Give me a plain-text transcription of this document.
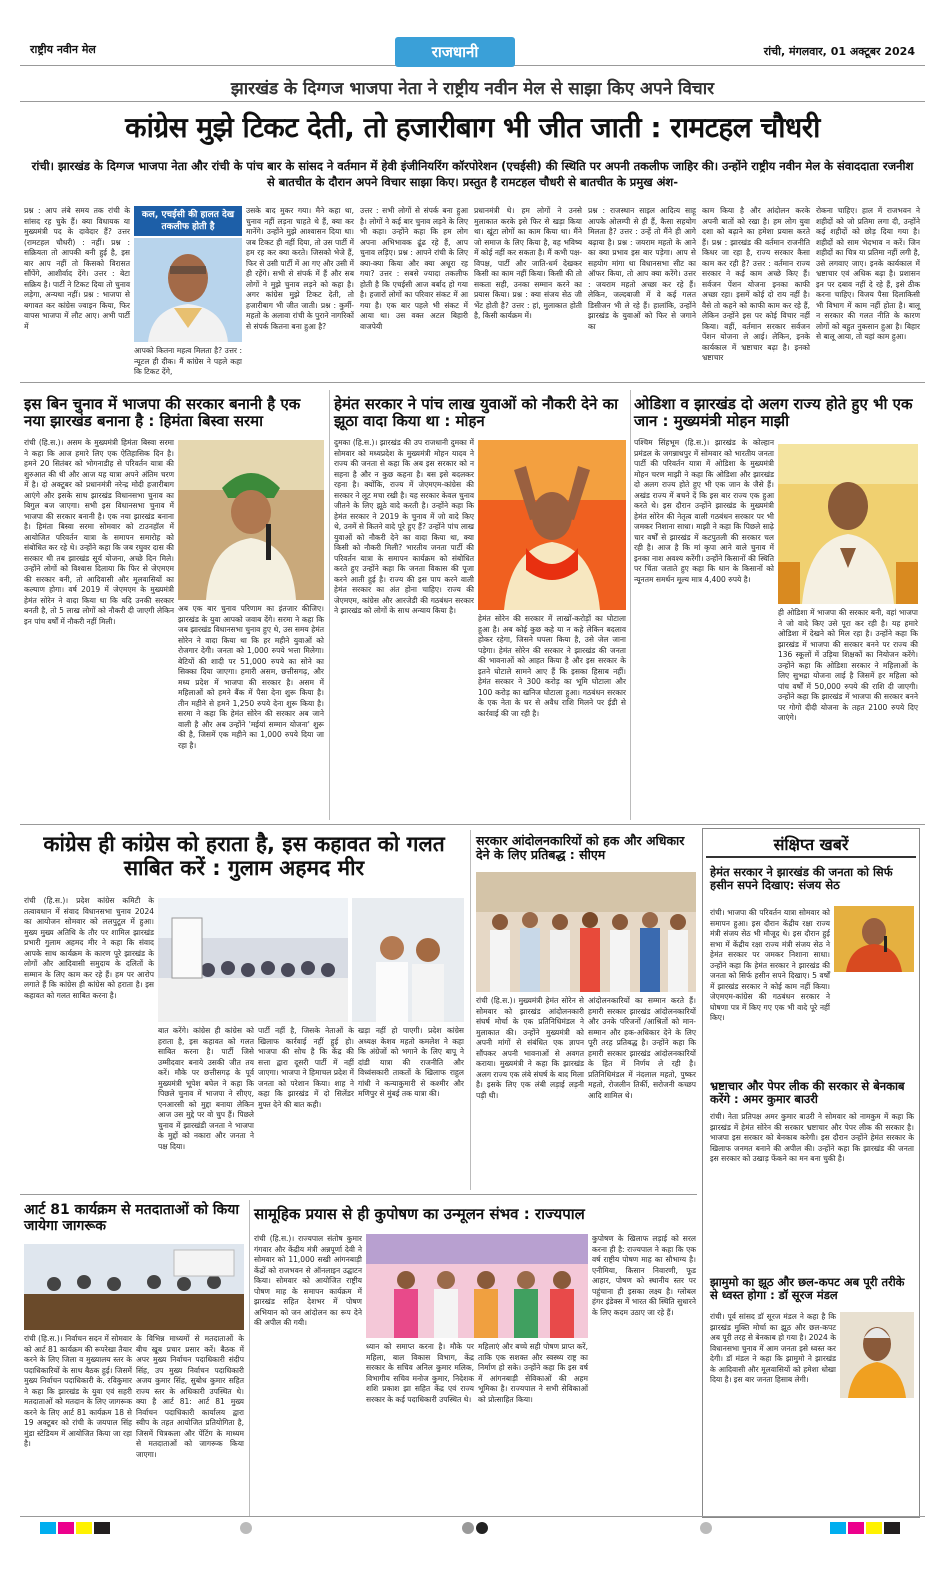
राष्ट्रीय नवीन मेल	राजधानी	रांची, मंगलवार, 01 अक्टूबर 2024
झारखंड के दिग्गज भाजपा नेता ने राष्ट्रीय नवीन मेल से साझा किए अपने विचार
कांग्रेस मुझे टिकट देती, तो हजारीबाग भी जीत जाती : रामटहल चौधरी
रांची। झारखंड के दिग्गज भाजपा नेता और रांची के पांच बार के सांसद ने वर्तमान में हेवी इंजीनियरिंग कॉरपोरेशन (एचईसी) की स्थिति पर अपनी तकलीफ जाहिर की। उन्होंने राष्ट्रीय नवीन मेल के संवाददाता रजनीश से बातचीत के दौरान अपने विचार साझा किए। प्रस्तुत है रामटहल चौधरी से बातचीत के प्रमुख अंश-
प्रश्न : आप लंबे समय तक रांची के सांसद रह चुके हैं। क्या विधायक या मुख्यमंत्री पद के दावेदार हैं? उत्तर (रामटहल चौधरी) : नहीं। प्रश्न : सक्रियता तो आपकी बनी हुई है, इस बार आप नहीं तो किसको विरासत सौंपेंगे, आशीर्वाद देंगे। उत्तर : बेटा सक्रिय है। पार्टी ने टिकट दिया तो चुनाव लड़ेगा, अन्यथा नहीं। प्रश्न : भाजपा से बगावत कर कांग्रेस ज्वाइन किया, फिर वापस भाजपा में लौट आए। अभी पार्टी में
कल, एचईसी की हालत देख तकलीफ होती है
आपको कितना महत्व मिलता है? उत्तर : न्यूटल ही दीक। मैं कांग्रेस ने पहले कहा कि टिकट देंगे,
उसके बाद मुकर गया। मैने कहा था, चुनाव नहीं लड़ना चाहते थे हैं, क्या कर मानेंगे। उन्होंने मुझे आश्वासन दिया था। जब टिकट ही नहीं दिया, तो उस पार्टी में हम रह कर क्या करते। जिसको भेजे हैं, फिर से उसी पार्टी में आ गए और उसी में ही रहेंगे। सभी से संपर्क में हैं और सब लोगों ने मुझे चुनाव लड़ने को कहा है। अगर कांग्रेस मुझे टिकट देती, तो हजारीबाग भी जीत जाती। प्रश्न : कुर्मी-महतो के अलावा रांची के पुराने नागरिकों से संपर्क कितना बना हुआ है?
उत्तर : सभी लोगों से संपर्क बना हुआ है। लोगों ने कई बार चुनाव लड़ने के लिए भी कहा। उन्होंने कहा कि हम लोग अपना अभिभावक ढूंढ रहे हैं, आप चुनाव लड़िए। प्रश्न : आपने रांची के लिए क्या-क्या किया और क्या अधूरा रह गया? उत्तर : सबसे ज्यादा तकलीफ होती है कि एचईसी आज बर्बाद हो गया है। हजारों लोगों का परिवार संकट में आ गया है। एक बार पहले भी संकट में आया था। उस वक्त अटल बिहारी वाजपेयी
प्रधानमंत्री थे। हम लोगों ने उनसे मुलाकात करके इसे फिर से खड़ा किया था। खूंटा लोगों का काम किया था। मैंने जो समाज के लिए किया है, वह भविष्य में कोई नहीं कर सकता है। मैं कभी पक्ष-विपक्ष, पार्टी और जाति-धर्म देखकर किसी का काम नहीं किया। किसी की तो सकता सही, उनका सम्मान करने का प्रयास किया। प्रश्न : क्या संजय सेठ जी भेंट होती है? उत्तर : हां, मुलाकात होती है, किसी कार्यक्रम में।
प्रश्न : राजस्थान साइल आदित्य साहू आपके ओलम्पी से ही हैं, कैसा सहयोग मिलता है? उत्तर : उन्हें तो मैंने ही आगे बढ़ाया है। प्रश्न : जयराम महतो के आने का क्या प्रभाव इस बार पड़ेगा। आप से सहयोग मांगा था विधानसभा सीट का ऑफर किया, तो आप क्या करेंगे। उत्तर : जयराम महतो अच्छा कर रहे हैं। लेकिन, जल्दबाजी में वे कई गलत डिसीजन भी ले रहे हैं। हालांकि, उन्होंने झारखंड के युवाओं को फिर से जगाने का
काम किया है और आंदोलन करके अपनी बातों को रखा है। हम लोग युवा दशा को बढ़ाने का हमेशा प्रयास करते हैं। प्रश्न : झारखंड की वर्तमान राजनीति किधर जा रहा है, राज्य सरकार कैसा काम कर रही है? उत्तर : वर्तमान राज्य सरकार ने कई काम अच्छे किए हैं। सर्वजन पेंशन योजना इनका काफी अच्छा रहा। इसमें कोई दो राय नहीं है। वैसे तो कहने को काफी काम कर रहे हैं, लेकिन उन्होंने इस पर कोई विचार नहीं किया। वहीं, वर्तमान सरकार सर्वजन पेंशन योजना ले आई। लेकिन, इनके कार्यकाल में भ्रष्टाचार बढ़ा है। इनको भ्रष्टाचार
रोकना चाहिए। हाल में राजभवन ने शहीदों को जो प्रतिमा लगा दी, उन्होंने कई शहीदों को छोड़ दिया गया है। शहीदों को साम भेदभाव न करें। जिन शहीदों का चित्र या प्रतिमा नहीं लगी है, उसे लगवाए जाए। इनके कार्यकाल में भ्रष्टाचार एवं अधिक बढ़ा है। प्रशासन इन पर दबाव नहीं दे रहे हैं, इसे ठीक करना चाहिए। विजय पैसा दिलाकिसी भी विभाग में काम नहीं होता है। बालू न सरकार की गलत नीति के कारण लोगों को बहुत नुकसान हुआ है। बिहार से बालू आया, तो यहां काम हुआ।
इस बिन चुनाव में भाजपा की सरकार बनानी है एक नया झारखंड बनाना है : हिमंता बिस्वा सरमा
रांची (हि.स.)। असम के मुख्यमंत्री हिमंता बिस्वा सरमा ने कहा कि आज हमारे लिए एक ऐतिहासिक दिन है। हमने 20 सितंबर को भोगनाडीह से परिवर्तन यात्रा की शुरुआत की थी और आज यह यात्रा अपने अंतिम चरण में है। दो अक्टूबर को प्रधानमंत्री नरेन्द्र मोदी हजारीबाग आएंगे और इसके साथ झारखंड विधानसभा चुनाव का बिगुल बज जाएगा। सभी इस विधानसभा चुनाव में भाजपा की सरकार बनानी है। एक नया झारखंड बनाना है। हिमंता बिस्वा सरमा सोमवार को टाउनहॉल में आयोजित परिवर्तन यात्रा के समापन समारोह को संबोधित कर रहे थे। उन्होंने कहा कि जब रघुवर दास की सरकार थी तब झारखंड सूर्य योजना, अच्छे दिन मिले। उन्होंने लोगों को विश्वास दिलाया कि फिर से जेएमएम की सरकार बनी, तो आदिवासी और मूलवासियों का कल्याण होगा। वर्ष 2019 में जेएमएम के मुख्यमंत्री हेमंत सोरेन ने वादा किया था कि यदि उनकी सरकार बनती है, तो 5 लाख लोगों को नौकरी दी जाएगी लेकिन इन पांच वर्षों में नौकरी नहीं मिली।
अब एक बार चुनाव परिणाम का इंतजार कीजिए। झारखंड के युवा आपको जवाब देंगे। सरमा ने कहा कि जब झारखंड विधानसभा चुनाव हुए थे, उस समय हेमंत सोरेन ने वादा किया था कि हर महीने युवाओं को रोजगार देगी। जनता को 1,000 रुपये भत्ता मिलेगा। बेटियों की शादी पर 51,000 रुपये का सोने का सिक्का दिया जाएगा। हमारी असम, छत्तीसगढ़, और मध्य प्रदेश में भाजपा की सरकार है। असम में महिलाओं को हमने बैंक में पैसा देना शुरू किया है। तीन महीने से हमने 1,250 रुपये देना शुरू किया है। सरमा ने कहा कि हेमंत सोरेन की सरकार अब जाने वाली है और अब उन्होंने 'मईयां सम्मान योजना' शुरू की है, जिसमें एक महीने का 1,000 रुपये दिया जा रहा है।
हेमंत सरकार ने पांच लाख युवाओं को नौकरी देने का झूठा वादा किया था : मोहन
दुमका (हि.स.)। झारखंड की उप राजधानी दुमका में सोमवार को मध्यप्रदेश के मुख्यमंत्री मोहन यादव ने राज्य की जनता से कहा कि अब इस सरकार को न सहना है और न कुछ कहना है। बस इसे बदलकर रहना है। क्योंकि, राज्य में जेएमएम-कांग्रेस की सरकार ने लूट मचा रखी है। यह सरकार केवल चुनाव जीतने के लिए झूठे वादे करती है। उन्होंने कहा कि हेमंत सरकार ने 2019 के चुनाव में जो वादे किए थे, उनमें से कितने वादे पूरे हुए हैं? उन्होंने पांच लाख युवाओं को नौकरी देने का वादा किया था, क्या किसी को नौकरी मिली? भारतीय जनता पार्टी की परिवर्तन यात्रा के समापन कार्यक्रम को संबोधित करते हुए उन्होंने कहा कि जनता विकास की पूजा करने आती हुई है। राज्य की इस पाप करने वाली हेमंत सरकार का अंत होना चाहिए। राज्य की जेएमएम, कांग्रेस और आरजेडी की गठबंधन सरकार ने झारखंड को लोगों के साथ अन्याय किया है।
हेमंत सोरेन की सरकार में लाखों-करोड़ों का घोटाला हुआ है। अब कोई कुछ कहे या न कहे लेकिन बदलाव होकर रहेगा, जिसने घपला किया है, उसे जेल जाना पड़ेगा। हेमंत सोरेन की सरकार ने झारखंड की जनता की भावनाओं को आहत किया है और इस सरकार के इतने घोटाले सामने आए हैं कि इसका हिसाब नहीं। हेमंत सरकार ने 300 करोड़ का भूमि घोटाला और 100 करोड़ का खनिज घोटाला हुआ। गठबंधन सरकार के एक नेता के घर से अवैध राशि मिलने पर ईडी से कार्रवाई की जा रही है।
ओडिशा व झारखंड दो अलग राज्य होते हुए भी एक जान : मुख्यमंत्री मोहन माझी
पश्चिम सिंहभूम (हि.स.)। झारखंड के कोल्हान प्रमंडल के जगन्नाथपुर में सोमवार को भारतीय जनता पार्टी की परिवर्तन यात्रा में ओडिशा के मुख्यमंत्री मोहन चरण माझी ने कहा कि ओडिशा और झारखंड दो अलग राज्य होते हुए भी एक जान के जैसे हैं। अखंड राज्य में बचने दें कि इस बार राज्य एक हुआ करते थे। इस दौरान उन्होंने झारखंड के मुख्यमंत्री हेमंत सोरेन की नेतृत्व वाली गठबंधन सरकार पर भी जमकर निशाना साधा। माझी ने कहा कि पिछले साढ़े चार वर्षों से झारखंड में कटपुतली की सरकार चल रही है। आज है कि मां कृपा आने वाले चुनाव में इनका नाश अवश्य करेंगी। उन्होंने किसानों की स्थिति पर चिंता जताते हुए कहा कि धान के किसानों को न्यूनतम समर्थन मूल्य मात्र 4,400 रुपये है।
ही ओडिशा में भाजपा की सरकार बनी, वहां भाजपा ने जो वादे किए उसे पूरा कर रही है। यह हमारे ओडिशा में देखने को मिल रहा है। उन्होंने कहा कि झारखंड में भाजपा की सरकार बनने पर राज्य की 136 स्कूलों में उड़िया शिक्षकों का नियोजन करेंगे। उन्होंने कहा कि ओडिशा सरकार ने महिलाओं के लिए सुभद्रा योजना लाई है जिसमें हर महिला को पांच वर्षों में 50,000 रुपये की राशि दी जाएगी। उन्होंने कहा कि झारखंड में भाजपा की सरकार बनने पर गोगो दीदी योजना के तहत 2100 रुपये दिए जाएंगे।
कांग्रेस ही कांग्रेस को हराता है, इस कहावत को गलत साबित करें : गुलाम अहमद मीर
रांची (हि.स.)। प्रदेश कांग्रेस कमिटी के तत्वावधान में संवाद विधानसभा चुनाव 2024 का आयोजन सोमवार को ललपुटूल में हुआ। मुख्य मुख्य अतिथि के तौर पर शामिल झारखंड प्रभारी गुलाम अहमद मीर ने कहा कि संवाद आपके साथ कार्यक्रम के कारण पूरे झारखंड के लोगों और आदिवासी समुदाय के दलितों के सम्मान के लिए काम कर रहे हैं। हम पर आरोप लगाते हैं कि कांग्रेस ही कांग्रेस को हराता है। इस कहावत को गलत साबित करना है।
बात करेंगे। कांग्रेस ही कांग्रेस को हराता है, इस कहावत को गलत साबित करना है। पार्टी जिसे उम्मीदवार बनाये उसकी जीत तय करें। मौके पर छत्तीसगढ़ के पूर्व मुख्यमंत्री भूपेश बघेल ने कहा कि पिछले चुनाव में भाजपा ने सीएए, एनआरसी को मुद्दा बनाया लेकिन आज उस मुद्दे पर वो चुप हैं। पिछले चुनाव में झारखंडी जनता ने भाजपा के मुद्दों को नकारा और जनता ने पक्ष दिया।
पार्टी नहीं है, जिसके नेताओं के खिलाफ कार्रवाई नहीं हुई हो। भाजपा की सोच है कि केंद्र की सत्ता द्वारा दूसरी पार्टी में नहीं जाएगा। भाजपा ने हिमाचल प्रदेश में जनता को परेशान किया। शाह ने कहा कि झारखंड में दो सिलेंडर मुफ्त देने की बात कही।
खड़ा नहीं हो पाएगी। प्रदेश कांग्रेस अध्यक्ष केशव महतो कमलेश ने कहा कि अंग्रेजों को भगाने के लिए बापू ने दांडी यात्रा की राजनीति और विध्वंसकारी ताकतों के खिलाफ राहुल गांधी ने कन्याकुमारी से कश्मीर और मणिपुर से मुंबई तक यात्रा की।
सरकार आंदोलनकारियों को हक और अधिकार देने के लिए प्रतिबद्ध : सीएम
रांची (हि.स.)। मुख्यमंत्री हेमंत सोरेन से सोमवार को झारखंड आंदोलनकारी संघर्ष मोर्चा के एक प्रतिनिधिमंडल ने मुलाकात की। उन्होंने मुख्यमंत्री को अपनी मांगों से संबंधित एक ज्ञापन सौंपकर अपनी भावनाओं से अवगत कराया। मुख्यमंत्री ने कहा कि झारखंड अलग राज्य एक लंबे संघर्ष के बाद मिला है। इसके लिए एक लंबी लड़ाई लड़नी पड़ी थी।
आंदोलनकारियों का सम्मान करते हैं। हमारी सरकार झारखंड आंदोलनकारियों और उनके परिजनों /आश्रितों को मान-सम्मान और हक-अधिकार देने के लिए पूरी तरह प्रतिबद्ध है। उन्होंने कहा कि हमारी सरकार झारखंड आंदोलनकारियों के हित में निर्णय ले रही है। प्रतिनिधिमंडल में नंदलाल महतो, पुष्कर महतो, रोजलीन तिर्की, सरोजनी कच्छप आदि शामिल थे।
संक्षिप्त खबरें
हेमंत सरकार ने झारखंड की जनता को सिर्फ हसीन सपने दिखाए: संजय सेठ
रांची। भाजपा की परिवर्तन यात्रा सोमवार को समापन हुआ। इस दौरान केंद्रीय रक्षा राज्य मंत्री संजय सेठ भी मौजूद थे। इस दौरान हुई सभा में केंद्रीय रक्षा राज्य मंत्री संजय सेठ ने हेमंत सरकार पर जमकर निशाना साधा। उन्होंने कहा कि हेमंत सरकार ने झारखंड की जनता को सिर्फ हसीन सपने दिखाए। 5 वर्षों में झारखंड सरकार ने कोई काम नहीं किया। जेएमएम-कांग्रेस की गठबंधन सरकार ने घोषणा पत्र में किए गए एक भी वादे पूरे नहीं किए।
भ्रष्टाचार और पेपर लीक की सरकार से बेनकाब करेंगे : अमर कुमार बाउरी
रांची। नेता प्रतिपक्ष अमर कुमार बाउरी ने सोमवार को नामकुम में कहा कि झारखंड में हेमंत सोरेन की सरकार भ्रष्टाचार और पेपर लीक की सरकार है। भाजपा इस सरकार को बेनकाब करेगी। इस दौरान उन्होंने हेमंत सरकार के खिलाफ जनमत बनाने की अपील की। उन्होंने कहा कि झारखंड की जनता इस सरकार को उखाड़ फेंकने का मन बना चुकी है।
झामुमो का झूठ और छल-कपट अब पूरी तरीके से ध्वस्त होगा : डॉ सूरज मंडल
रांची। पूर्व सांसद डॉ सूरज मंडल ने कहा है कि झारखंड मुक्ति मोर्चा का झूठ और छल-कपट अब पूरी तरह से बेनकाब हो गया है। 2024 के विधानसभा चुनाव में आम जनता इसे ध्वस्त कर देगी। डॉ मंडल ने कहा कि झामुमो ने झारखंड के आदिवासी और मूलवासियों को हमेशा धोखा दिया है। इस बार जनता हिसाब लेगी।
आर्ट 81 कार्यक्रम से मतदाताओं को किया जायेगा जागरूक
रांची (हि.स.)। निर्वाचन सदन में सोमवार को आर्ट 81 कार्यक्रम की रूपरेखा तैयार करने के लिए जिला व मुख्यालय स्तर के पदाधिकारियों के साथ बैठक हुई। जिसमें मुख्य निर्वाचन पदाधिकारी के. रविकुमार ने कहा कि झारखंड के युवा एवं सहरी मतदाताओं को मतदान के लिए जागरूक करने के लिए आर्ट 81 कार्यक्रम 18 से 19 अक्टूबर को रांची के जयपाल सिंह मुंडा स्टेडियम में आयोजित किया जा रहा है।
के विभिन्न माध्यमों से मतदाताओं के बीच खूब प्रचार प्रसार करें। बैठक में अपर मुख्य निर्वाचन पदाधिकारी संदीप सिंह, उप मुख्य निर्वाचन पदाधिकारी अजय कुमार सिंह, सुबोध कुमार सहित राज्य स्तर के अधिकारी उपस्थित थे। क्या है आर्ट 81: आर्ट 81 मुख्य निर्वाचन पदाधिकारी कार्यालय द्वारा स्वीप के तहत आयोजित प्रतियोगिता है, जिसमें चित्रकला और पेंटिंग के माध्यम से मतदाताओं को जागरूक किया जाएगा।
सामूहिक प्रयास से ही कुपोषण का उन्मूलन संभव : राज्यपाल
रांची (हि.स.)। राज्यपाल संतोष कुमार गंगवार और केंद्रीय मंत्री अन्नपूर्णा देवी ने सोमवार को 11,000 सखी आंगनबाड़ी केंद्रों को राजभवन से ऑनलाइन उद्घाटन किया। सोमवार को आयोजित राष्ट्रीय पोषण माह के समापन कार्यक्रम में झारखंड सहित देशभर में पोषण अभियान को जन आंदोलन का रूप देने की अपील की गयी।
ध्यान को समाप्त करना है। मौके पर महिला, बाल विकास विभाग, केंद्र सरकार के सचिव अनिल कुमार मलिक, विभागीय सचिव मनोज कुमार, निदेशक शशि प्रकाश झा सहित केंद्र एवं राज्य सरकार के कई पदाधिकारी उपस्थित थे।
महिलाएं और बच्चे सही पोषण प्राप्त करें, ताकि एक सशक्त और स्वस्थ्य राष्ट्र का निर्माण हो सके। उन्होंने कहा कि इस वर्ष में आंगनबाड़ी सेविकाओं की अहम भूमिका है। राज्यपाल ने सभी सेविकाओं को प्रोत्साहित किया।
कुपोषण के खिलाफ लड़ाई को सरल करना ही है: राज्यपाल ने कहा कि एक वर्ष राष्ट्रीय पोषण माह का सौभाग्य है। एनीमिया, किसान निवारणी, फूड आहार, पोषण को स्थानीय स्तर पर पहुंचाना ही इसका लक्ष्य है। ग्लोबल हंगर इंडेक्स में भारत की स्थिति सुधारने के लिए कदम उठाए जा रहे हैं।
